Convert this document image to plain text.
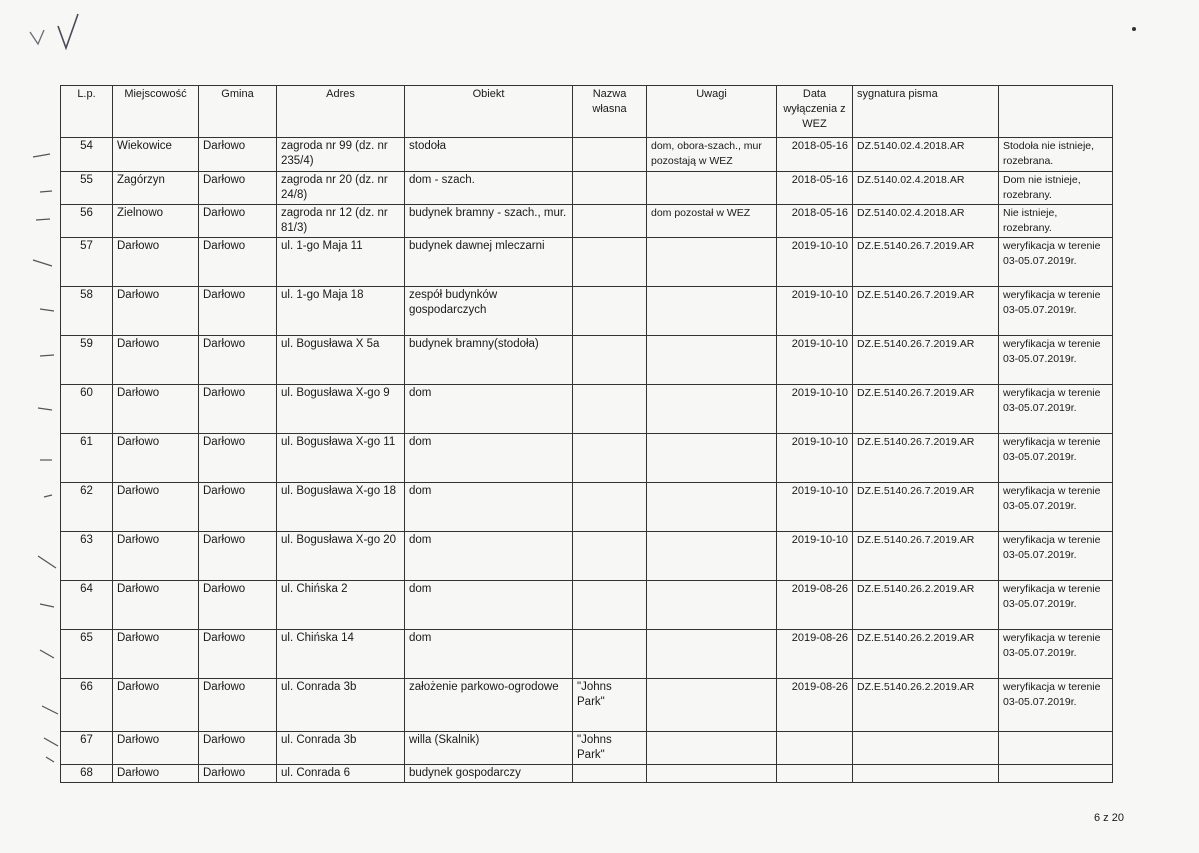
L.p.	Miejscowość	Gmina	Adres	Obiekt	Nazwa własna	Uwagi	Data wyłączenia z WEZ	sygnatura pisma	
54	Wiekowice	Darłowo	zagroda nr 99 (dz. nr 235/4)	stodoła		dom, obora-szach., mur pozostają w WEZ	2018-05-16	DZ.5140.02.4.2018.AR	Stodoła nie istnieje, rozebrana.
55	Zagórzyn	Darłowo	zagroda nr 20 (dz. nr 24/8)	dom - szach.			2018-05-16	DZ.5140.02.4.2018.AR	Dom nie istnieje, rozebrany.
56	Zielnowo	Darłowo	zagroda nr 12 (dz. nr 81/3)	budynek bramny - szach., mur.		dom pozostał w WEZ	2018-05-16	DZ.5140.02.4.2018.AR	Nie istnieje, rozebrany.
57	Darłowo	Darłowo	ul. 1-go Maja 11	budynek dawnej mleczarni			2019-10-10	DZ.E.5140.26.7.2019.AR	weryfikacja w terenie 03-05.07.2019r.
58	Darłowo	Darłowo	ul. 1-go Maja 18	zespół budynków gospodarczych			2019-10-10	DZ.E.5140.26.7.2019.AR	weryfikacja w terenie 03-05.07.2019r.
59	Darłowo	Darłowo	ul. Bogusława X 5a	budynek bramny(stodoła)			2019-10-10	DZ.E.5140.26.7.2019.AR	weryfikacja w terenie 03-05.07.2019r.
60	Darłowo	Darłowo	ul. Bogusława X-go 9	dom			2019-10-10	DZ.E.5140.26.7.2019.AR	weryfikacja w terenie 03-05.07.2019r.
61	Darłowo	Darłowo	ul. Bogusława X-go 11	dom			2019-10-10	DZ.E.5140.26.7.2019.AR	weryfikacja w terenie 03-05.07.2019r.
62	Darłowo	Darłowo	ul. Bogusława X-go 18	dom			2019-10-10	DZ.E.5140.26.7.2019.AR	weryfikacja w terenie 03-05.07.2019r.
63	Darłowo	Darłowo	ul. Bogusława X-go 20	dom			2019-10-10	DZ.E.5140.26.7.2019.AR	weryfikacja w terenie 03-05.07.2019r.
64	Darłowo	Darłowo	ul. Chińska 2	dom			2019-08-26	DZ.E.5140.26.2.2019.AR	weryfikacja w terenie 03-05.07.2019r.
65	Darłowo	Darłowo	ul. Chińska 14	dom			2019-08-26	DZ.E.5140.26.2.2019.AR	weryfikacja w terenie 03-05.07.2019r.
66	Darłowo	Darłowo	ul. Conrada 3b	założenie parkowo-ogrodowe	"Johns Park"		2019-08-26	DZ.E.5140.26.2.2019.AR	weryfikacja w terenie 03-05.07.2019r.
67	Darłowo	Darłowo	ul. Conrada 3b	willa (Skalnik)	"Johns Park"				
68	Darłowo	Darłowo	ul. Conrada 6	budynek gospodarczy					
6 z 20
